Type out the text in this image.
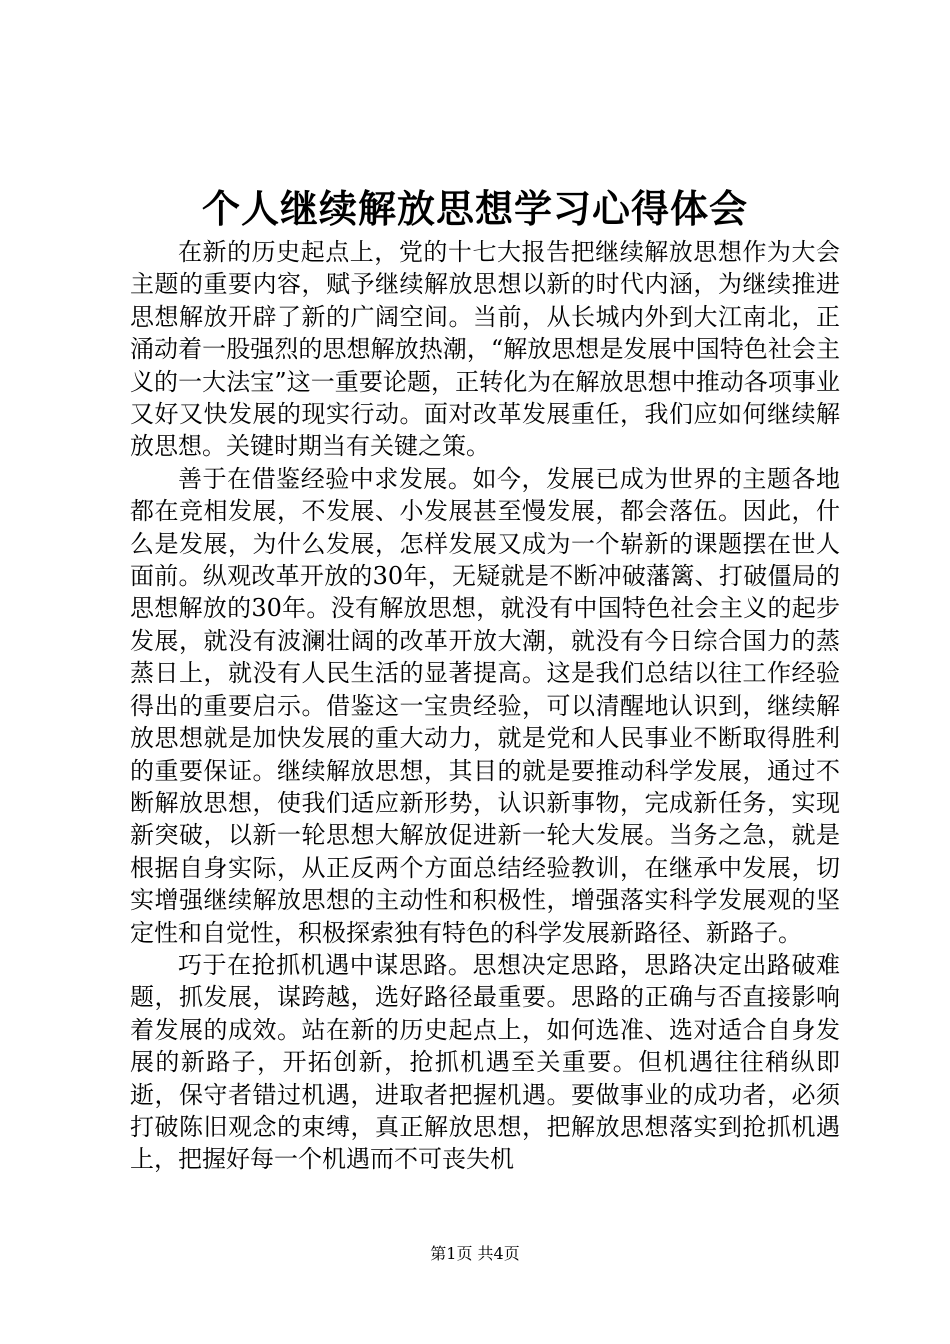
个人继续解放思想学习心得体会

在新的历史起点上，党的十七大报告把继续解放思想作为大会主题的重要内容，赋予继续解放思想以新的时代内涵，为继续推进思想解放开辟了新的广阔空间。当前，从长城内外到大江南北，正涌动着一股强烈的思想解放热潮，“解放思想是发展中国特色社会主义的一大法宝”这一重要论题，正转化为在解放思想中推动各项事业又好又快发展的现实行动。面对改革发展重任，我们应如何继续解放思想。关键时期当有关键之策。

善于在借鉴经验中求发展。如今，发展已成为世界的主题各地都在竞相发展，不发展、小发展甚至慢发展，都会落伍。因此，什么是发展，为什么发展，怎样发展又成为一个崭新的课题摆在世人面前。纵观改革开放的30年，无疑就是不断冲破藩篱、打破僵局的思想解放的30年。没有解放思想，就没有中国特色社会主义的起步发展，就没有波澜壮阔的改革开放大潮，就没有今日综合国力的蒸蒸日上，就没有人民生活的显著提高。这是我们总结以往工作经验得出的重要启示。借鉴这一宝贵经验，可以清醒地认识到，继续解放思想就是加快发展的重大动力，就是党和人民事业不断取得胜利的重要保证。继续解放思想，其目的就是要推动科学发展，通过不断解放思想，使我们适应新形势，认识新事物，完成新任务，实现新突破，以新一轮思想大解放促进新一轮大发展。当务之急，就是根据自身实际，从正反两个方面总结经验教训，在继承中发展，切实增强继续解放思想的主动性和积极性，增强落实科学发展观的坚定性和自觉性，积极探索独有特色的科学发展新路径、新路子。

巧于在抢抓机遇中谋思路。思想决定思路，思路决定出路破难题，抓发展，谋跨越，选好路径最重要。思路的正确与否直接影响着发展的成效。站在新的历史起点上，如何选准、选对适合自身发展的新路子，开拓创新，抢抓机遇至关重要。但机遇往往稍纵即逝，保守者错过机遇，进取者把握机遇。要做事业的成功者，必须打破陈旧观念的束缚，真正解放思想，把解放思想落实到抢抓机遇上，把握好每一个机遇而不可丧失机

第1页 共4页
